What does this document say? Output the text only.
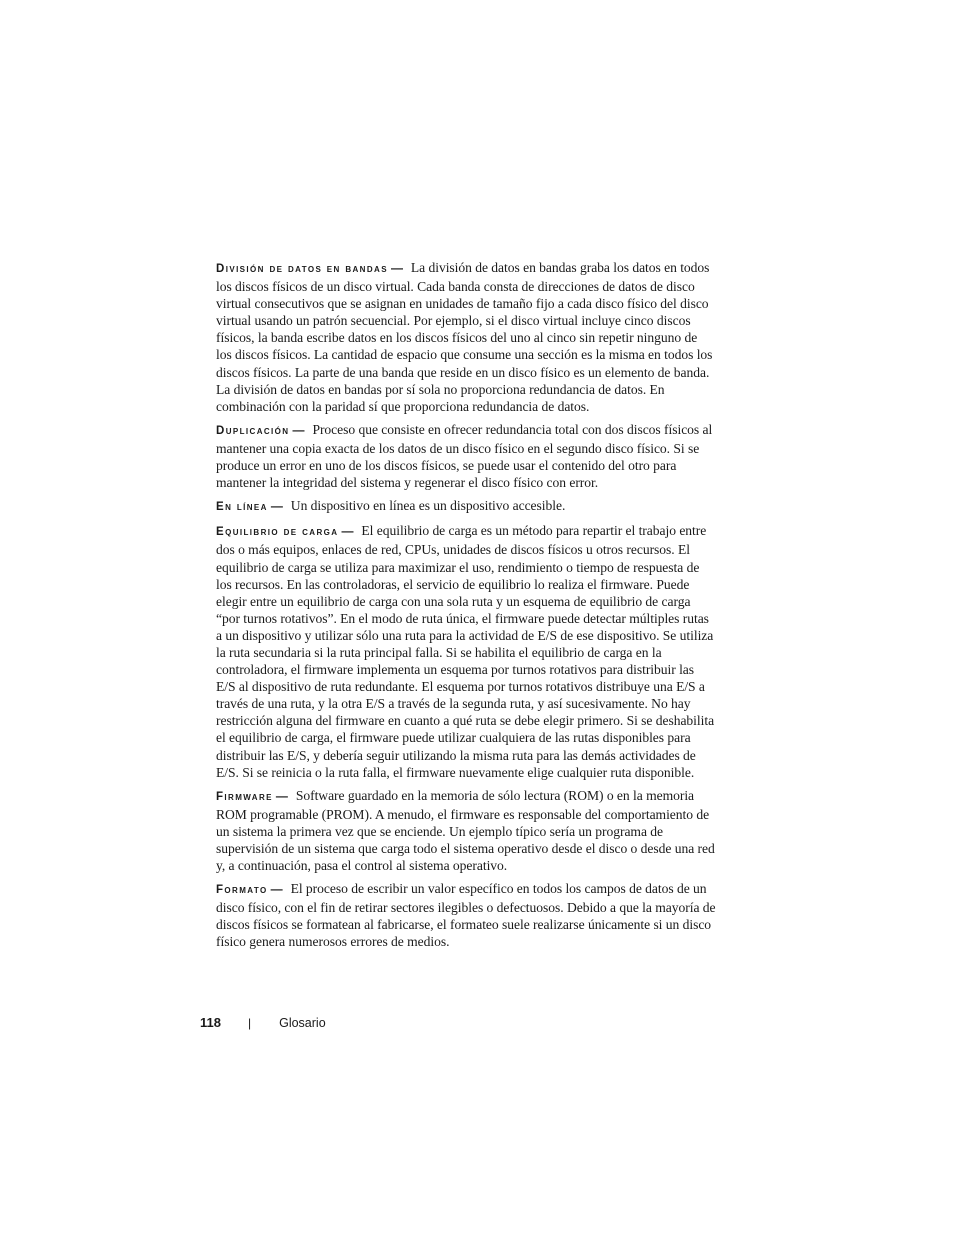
División de datos en bandas — La división de datos en bandas graba los datos en todos los discos físicos de un disco virtual. Cada banda consta de direcciones de datos de disco virtual consecutivos que se asignan en unidades de tamaño fijo a cada disco físico del disco virtual usando un patrón secuencial. Por ejemplo, si el disco virtual incluye cinco discos físicos, la banda escribe datos en los discos físicos del uno al cinco sin repetir ninguno de los discos físicos. La cantidad de espacio que consume una sección es la misma en todos los discos físicos. La parte de una banda que reside en un disco físico es un elemento de banda. La división de datos en bandas por sí sola no proporciona redundancia de datos. En combinación con la paridad sí que proporciona redundancia de datos.

Duplicación — Proceso que consiste en ofrecer redundancia total con dos discos físicos al mantener una copia exacta de los datos de un disco físico en el segundo disco físico. Si se produce un error en uno de los discos físicos, se puede usar el contenido del otro para mantener la integridad del sistema y regenerar el disco físico con error.

En línea — Un dispositivo en línea es un dispositivo accesible.

Equilibrio de carga — El equilibrio de carga es un método para repartir el trabajo entre dos o más equipos, enlaces de red, CPUs, unidades de discos físicos u otros recursos. El equilibrio de carga se utiliza para maximizar el uso, rendimiento o tiempo de respuesta de los recursos. En las controladoras, el servicio de equilibrio lo realiza el firmware. Puede elegir entre un equilibrio de carga con una sola ruta y un esquema de equilibrio de carga “por turnos rotativos”. En el modo de ruta única, el firmware puede detectar múltiples rutas a un dispositivo y utilizar sólo una ruta para la actividad de E/S de ese dispositivo. Se utiliza la ruta secundaria si la ruta principal falla. Si se habilita el equilibrio de carga en la controladora, el firmware implementa un esquema por turnos rotativos para distribuir las E/S al dispositivo de ruta redundante. El esquema por turnos rotativos distribuye una E/S a través de una ruta, y la otra E/S a través de la segunda ruta, y así sucesivamente. No hay restricción alguna del firmware en cuanto a qué ruta se debe elegir primero. Si se deshabilita el equilibrio de carga, el firmware puede utilizar cualquiera de las rutas disponibles para distribuir las E/S, y debería seguir utilizando la misma ruta para las demás actividades de E/S. Si se reinicia o la ruta falla, el firmware nuevamente elige cualquier ruta disponible.

Firmware — Software guardado en la memoria de sólo lectura (ROM) o en la memoria ROM programable (PROM). A menudo, el firmware es responsable del comportamiento de un sistema la primera vez que se enciende. Un ejemplo típico sería un programa de supervisión de un sistema que carga todo el sistema operativo desde el disco o desde una red y, a continuación, pasa el control al sistema operativo.

Formato — El proceso de escribir un valor específico en todos los campos de datos de un disco físico, con el fin de retirar sectores ilegibles o defectuosos. Debido a que la mayoría de discos físicos se formatean al fabricarse, el formateo suele realizarse únicamente si un disco físico genera numerosos errores de medios.

118 | Glosario
